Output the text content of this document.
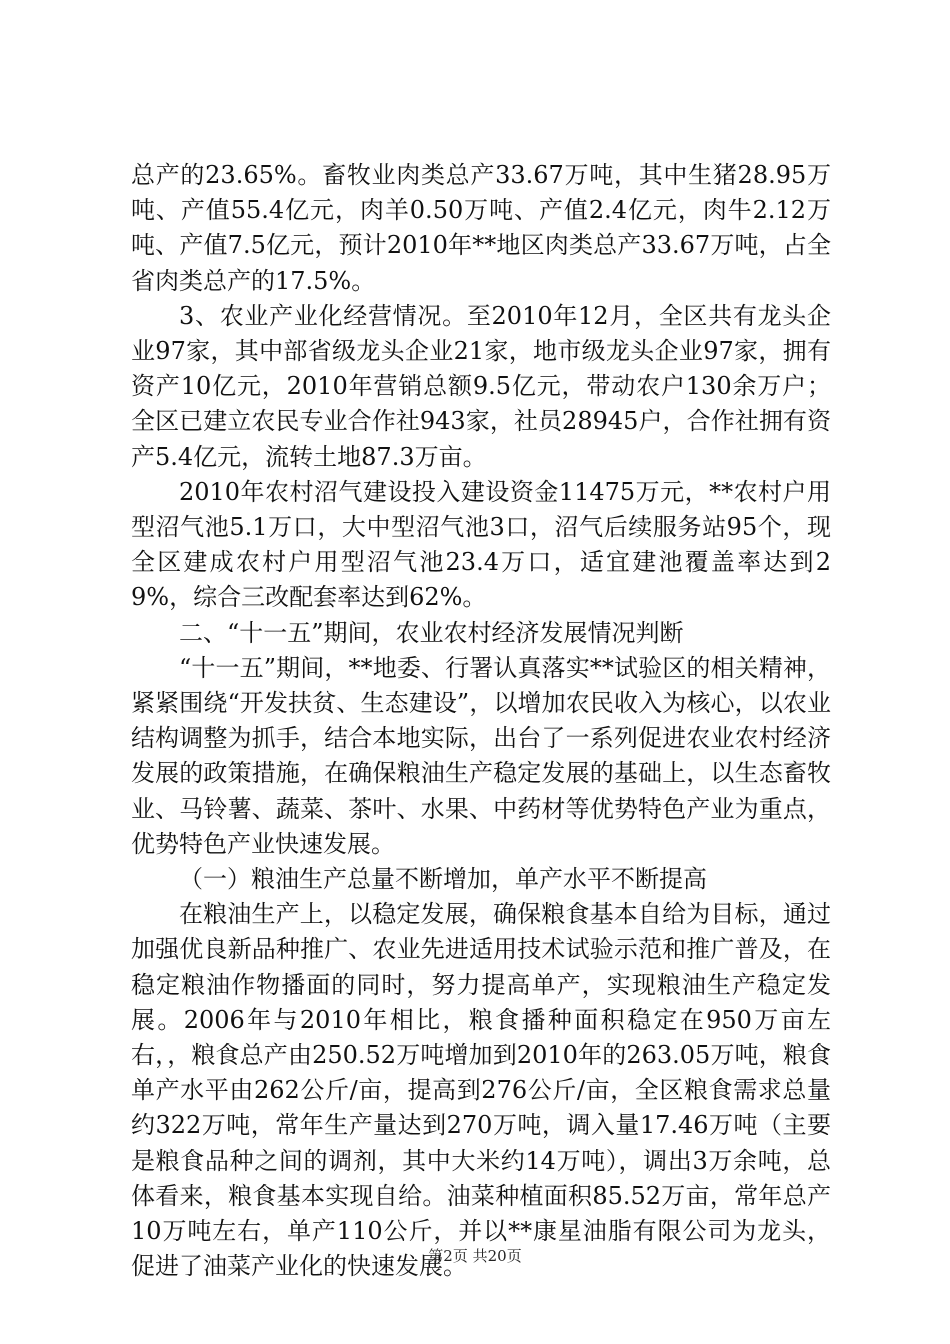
总产的23.65%。畜牧业肉类总产33.67万吨，其中生猪28.95万吨、产值55.4亿元，肉羊0.50万吨、产值2.4亿元，肉牛2.12万吨、产值7.5亿元，预计2010年**地区肉类总产33.67万吨，占全省肉类总产的17.5%。

3、农业产业化经营情况。至2010年12月，全区共有龙头企业97家，其中部省级龙头企业21家，地市级龙头企业97家，拥有资产10亿元，2010年营销总额9.5亿元，带动农户130余万户；全区已建立农民专业合作社943家，社员28945户，合作社拥有资产5.4亿元，流转土地87.3万亩。

2010年农村沼气建设投入建设资金11475万元，**农村户用型沼气池5.1万口，大中型沼气池3口，沼气后续服务站95个，现全区建成农村户用型沼气池23.4万口，适宜建池覆盖率达到29%，综合三改配套率达到62%。

二、“十一五”期间，农业农村经济发展情况判断

“十一五”期间，**地委、行署认真落实**试验区的相关精神，紧紧围绕“开发扶贫、生态建设”，以增加农民收入为核心，以农业结构调整为抓手，结合本地实际，出台了一系列促进农业农村经济发展的政策措施，在确保粮油生产稳定发展的基础上，以生态畜牧业、马铃薯、蔬菜、茶叶、水果、中药材等优势特色产业为重点，优势特色产业快速发展。

（一）粮油生产总量不断增加，单产水平不断提高

在粮油生产上，以稳定发展，确保粮食基本自给为目标，通过加强优良新品种推广、农业先进适用技术试验示范和推广普及，在稳定粮油作物播面的同时，努力提高单产，实现粮油生产稳定发展。2006年与2010年相比，粮食播种面积稳定在950万亩左右，，粮食总产由250.52万吨增加到2010年的263.05万吨，粮食单产水平由262公斤/亩，提高到276公斤/亩，全区粮食需求总量约322万吨，常年生产量达到270万吨，调入量17.46万吨（主要是粮食品种之间的调剂，其中大米约14万吨），调出3万余吨，总体看来，粮食基本实现自给。油菜种植面积85.52万亩，常年总产10万吨左右，单产110公斤，并以**康星油脂有限公司为龙头，促进了油菜产业化的快速发展。

第2页 共20页
